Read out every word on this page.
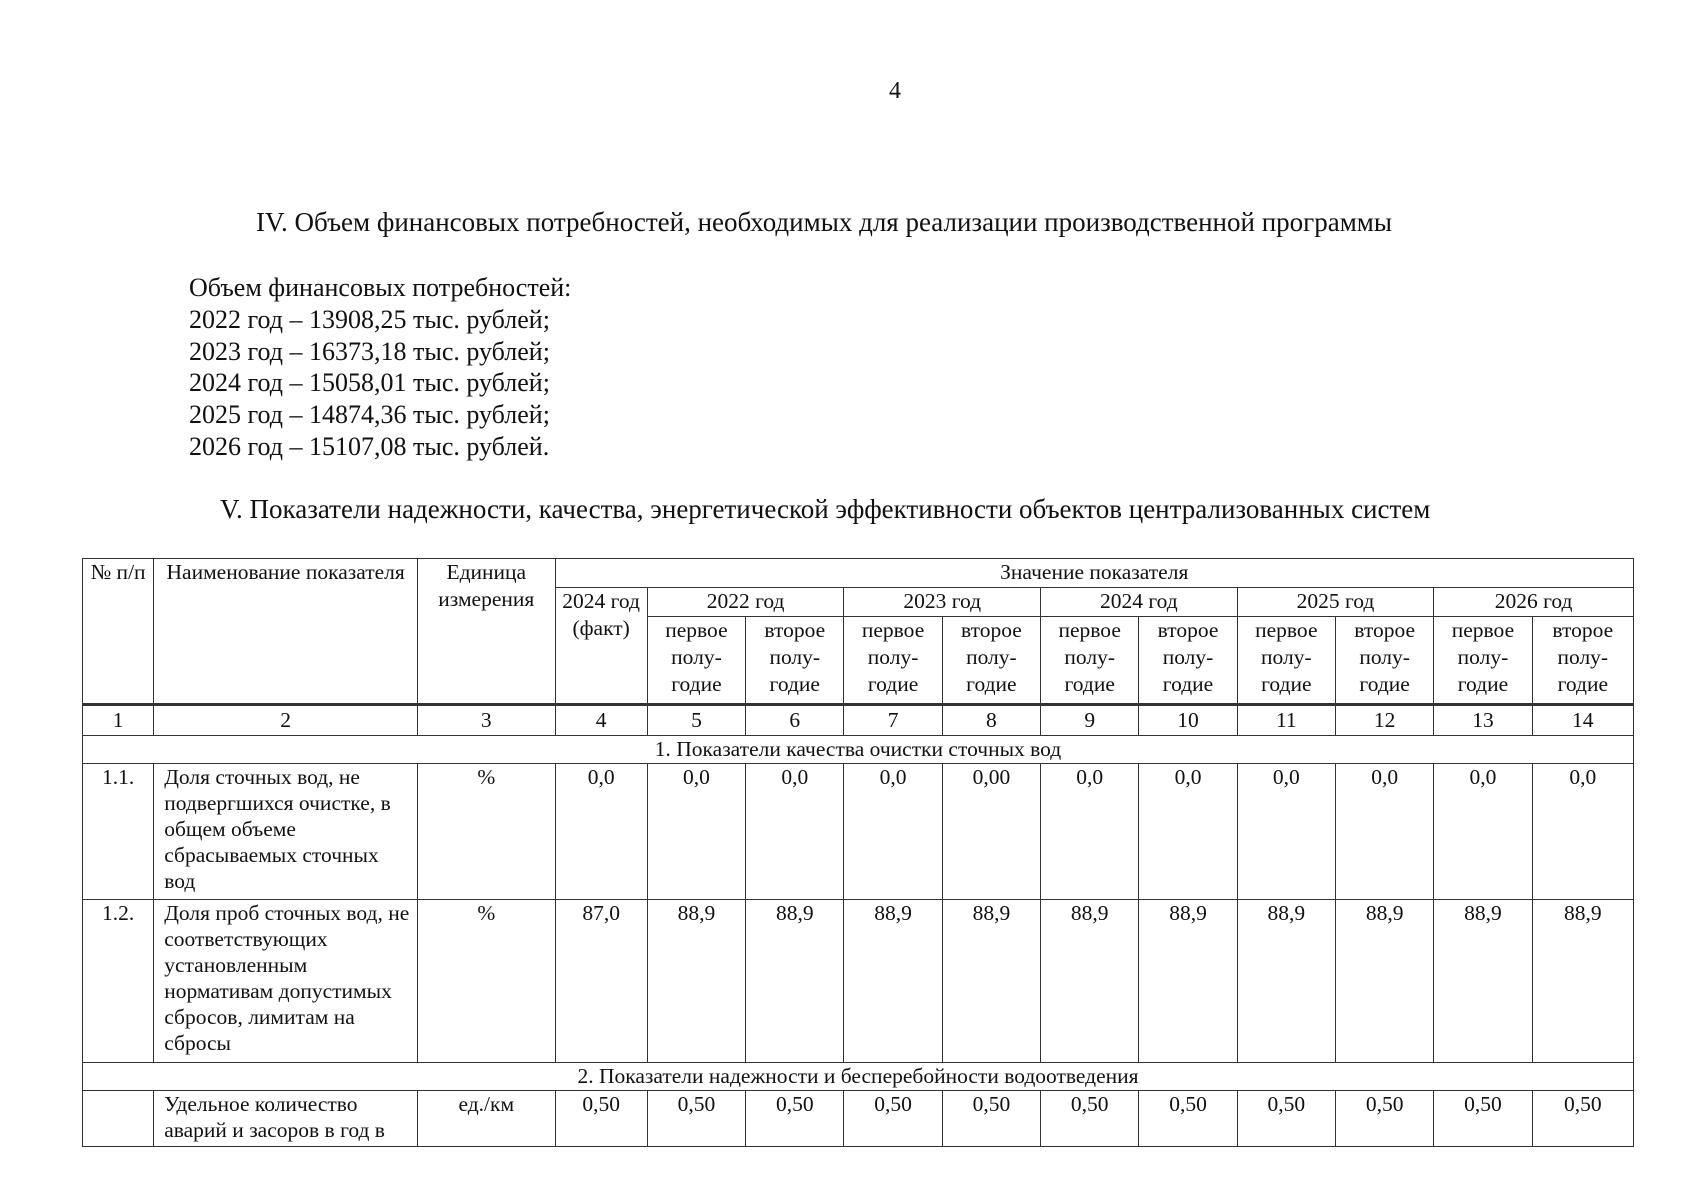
4
IV. Объем финансовых потребностей, необходимых для реализации производственной программы
Объем финансовых потребностей:
2022 год – 13908,25 тыс. рублей;
2023 год – 16373,18 тыс. рублей;
2024 год – 15058,01 тыс. рублей;
2025 год – 14874,36 тыс. рублей;
2026 год – 15107,08 тыс. рублей.
V. Показатели надежности, качества, энергетической эффективности объектов централизованных систем
№ п/п	Наименование показателя	Единица измерения	Значение показателя										
			2024 год (факт)	2022 год		2023 год		2024 год		2025 год		2026 год	
				первое полу-годие	второе полу-годие	первое полу-годие	второе полу-годие	первое полу-годие	второе полу-годие	первое полу-годие	второе полу-годие	первое полу-годие	второе полу-годие
1	2	3	4	5	6	7	8	9	10	11	12	13	14
1. Показатели качества очистки сточных вод													
1.1.	Доля сточных вод, не подвергшихся очистке, в общем объеме сбрасываемых сточных вод	%	0,0	0,0	0,0	0,0	0,00	0,0	0,0	0,0	0,0	0,0	0,0
1.2.	Доля проб сточных вод, не соответствующих установленным нормативам допустимых сбросов, лимитам на сбросы	%	87,0	88,9	88,9	88,9	88,9	88,9	88,9	88,9	88,9	88,9	88,9
2. Показатели надежности и бесперебойности водоотведения													
	Удельное количество аварий и засоров в год в	ед./км	0,50	0,50	0,50	0,50	0,50	0,50	0,50	0,50	0,50	0,50	0,50
